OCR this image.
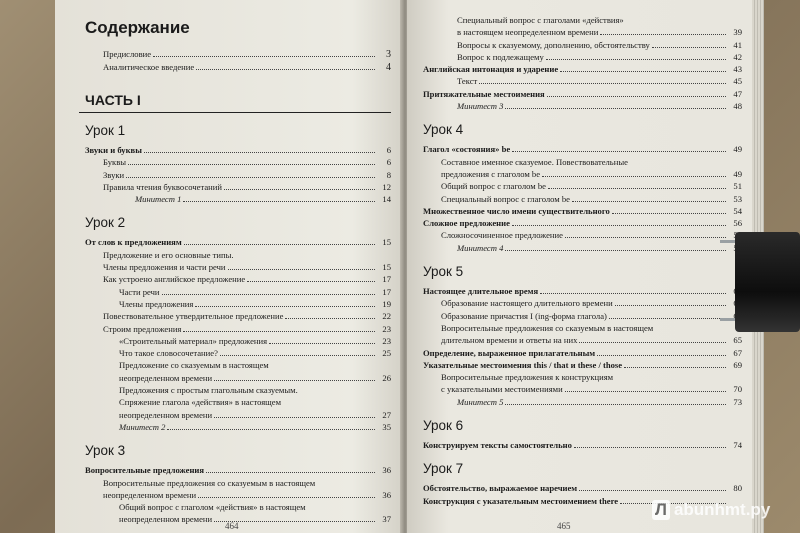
Содержание
Предисловие	3
Аналитическое введение	4
ЧАСТЬ I
Урок 1
Звуки и буквы	6
Буквы	6
Звуки	8
Правила чтения буквосочетаний	12
Минитест 1	14
Урок 2
От слов к предложениям	15
Предложение и его основные типы.
Члены предложения и части речи	15
Как устроено английское предложение	17
Части речи	17
Члены предложения	19
Повествовательное утвердительное предложение	22
Строим предложения	23
«Строительный материал» предложения	23
Что такое словосочетание?	25
Предложение со сказуемым в настоящем
неопределенном времени	26
Предложения с простым глагольным сказуемым.
Спряжение глагола «действия» в настоящем
неопределенном времени	27
Минитест 2	35
Урок 3
Вопросительные предложения	36
Вопросительные предложения со сказуемым в настоящем
неопределенном времени	36
Общий вопрос с глаголом «действия» в настоящем
неопределенном времени	37
464
Специальный вопрос с глаголами «действия»
в настоящем неопределенном времени	39
Вопросы к сказуемому, дополнению, обстоятельству	41
Вопрос к подлежащему	42
Английская интонация и ударение	43
Текст	45
Притяжательные местоимения	47
Минитест 3	48
Урок 4
Глагол «состояния» be	49
Составное именное сказуемое. Повествовательные
предложения с глаголом be	49
Общий вопрос с глаголом be	51
Специальный вопрос с глаголом be	53
Множественное число имени существительного	54
Сложное предложение	56
Сложносочиненное предложение
Минитест 4
Урок 5
Настоящее длительное время
Образование настоящего длительного времени
Образование причастия I (ing-форма глагола)
Вопросительные предложения со сказуемым в настоящем
длительном времени и ответы на них	65
Определение, выраженное прилагательным	67
Указательные местоимения this / that и these / those	69
Вопросительные предложения к конструкциям
с указательными местоимениями	70
Минитест 5	73
Урок 6
Конструируем тексты самостоятельно	74
Урок 7
Обстоятельство, выражаемое наречием	80
Конструкция с указательным местоимением there
465
Л abunhmt.py
